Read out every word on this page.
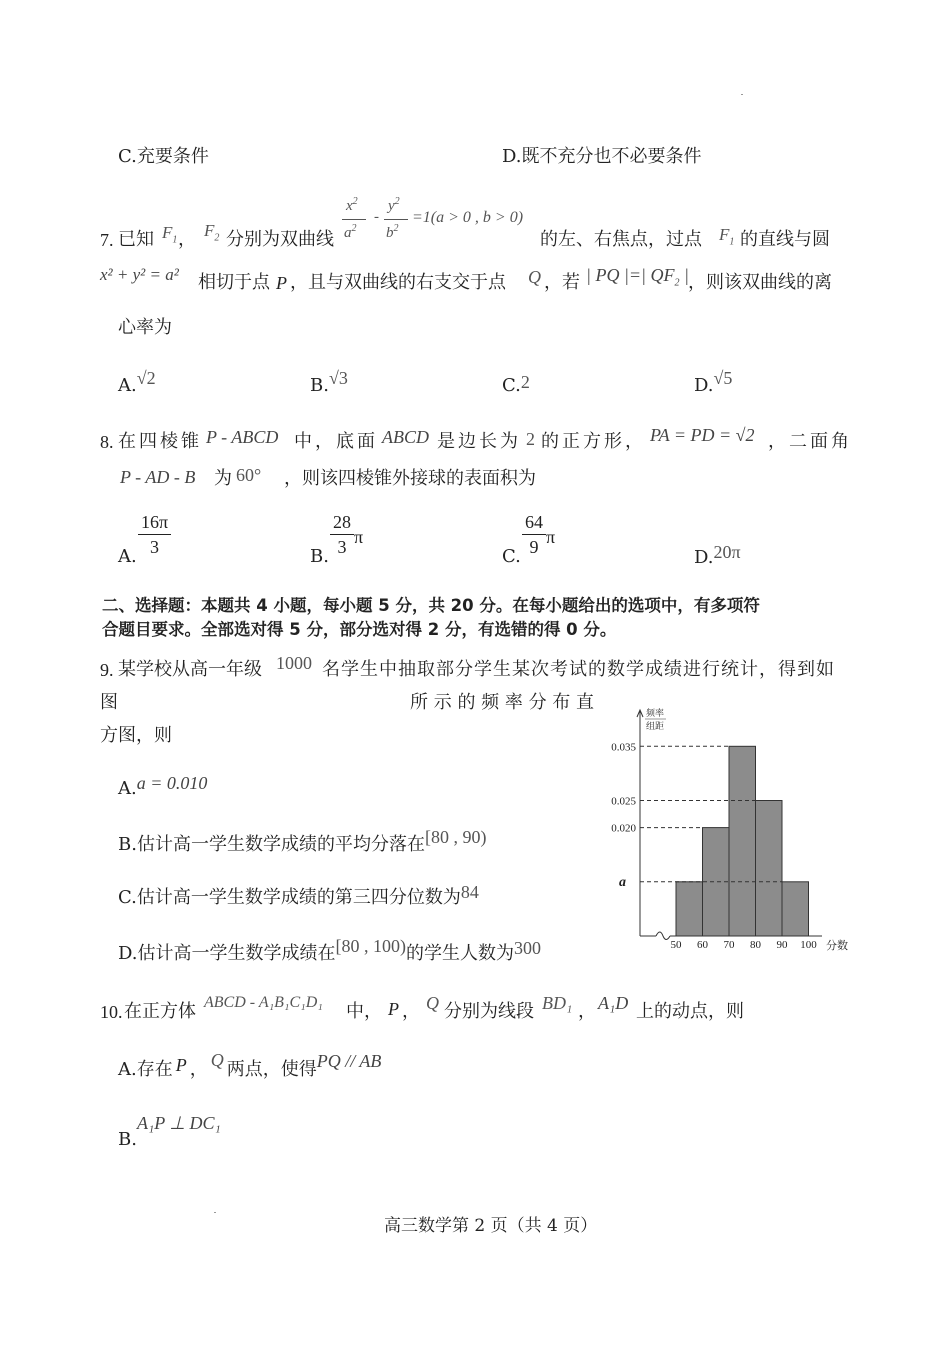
C.充要条件	D.既不充分也不必要条件
7. 已知 $F_1$ ， $F_2$ 分别为双曲线
$x^2$
$a^2$
-
$y^2$
$b^2$
=1(a > 0 , b > 0)
的左、右焦点，过点 $F_1$ 的直线与圆
x² + y² = a² 相切于点 P ，且与双曲线的右支交于点 Q ，若 | PQ |=| $QF_2$ | ，则该双曲线的离
心率为
A.√2	B.√3	C.2	D.√5
8. 在四棱锥 P - ABCD 中，底面 ABCD 是边长为 2 的正方形， PA = PD = √2 ，二面角
P - AD - B 为 60° ，则该四棱锥外接球的表面积为
A. $\frac{16\pi}{3}$	B. $\frac{28}{3}$ π
C. $\frac{64}{9}$ π
D.20π
二、选择题：本题共 4 小题，每小题 5 分，共 20 分。在每小题给出的选项中，有多项符
合题目要求。全部选对得 5 分，部分选对得 2 分，有选错的得 0 分。
9. 某学校从高一年级 1000 名学生中抽取部分学生某次考试的数学成绩进行统计，得到如
图	所 示 的 频 率 分 布 直
方图，则
A.a = 0.010
B.估计高一学生数学成绩的平均分落在[80 , 90)
C.估计高一学生数学成绩的第三四分位数为84
D.估计高一学生数学成绩在[80 , 100)的学生人数为300
频率
组距
0.035
0.025
0.020
a
50 60 70 80 90 100 分数
10. 在正方体 ABCD - A₁B₁C₁D₁ 中， P ， Q 分别为线段 BD₁ ， A₁D 上的动点，则
A.存在 P ， Q 两点，使得PQ // AB
B.A₁P ⊥ DC₁
高三数学第 2 页（共 4 页）
